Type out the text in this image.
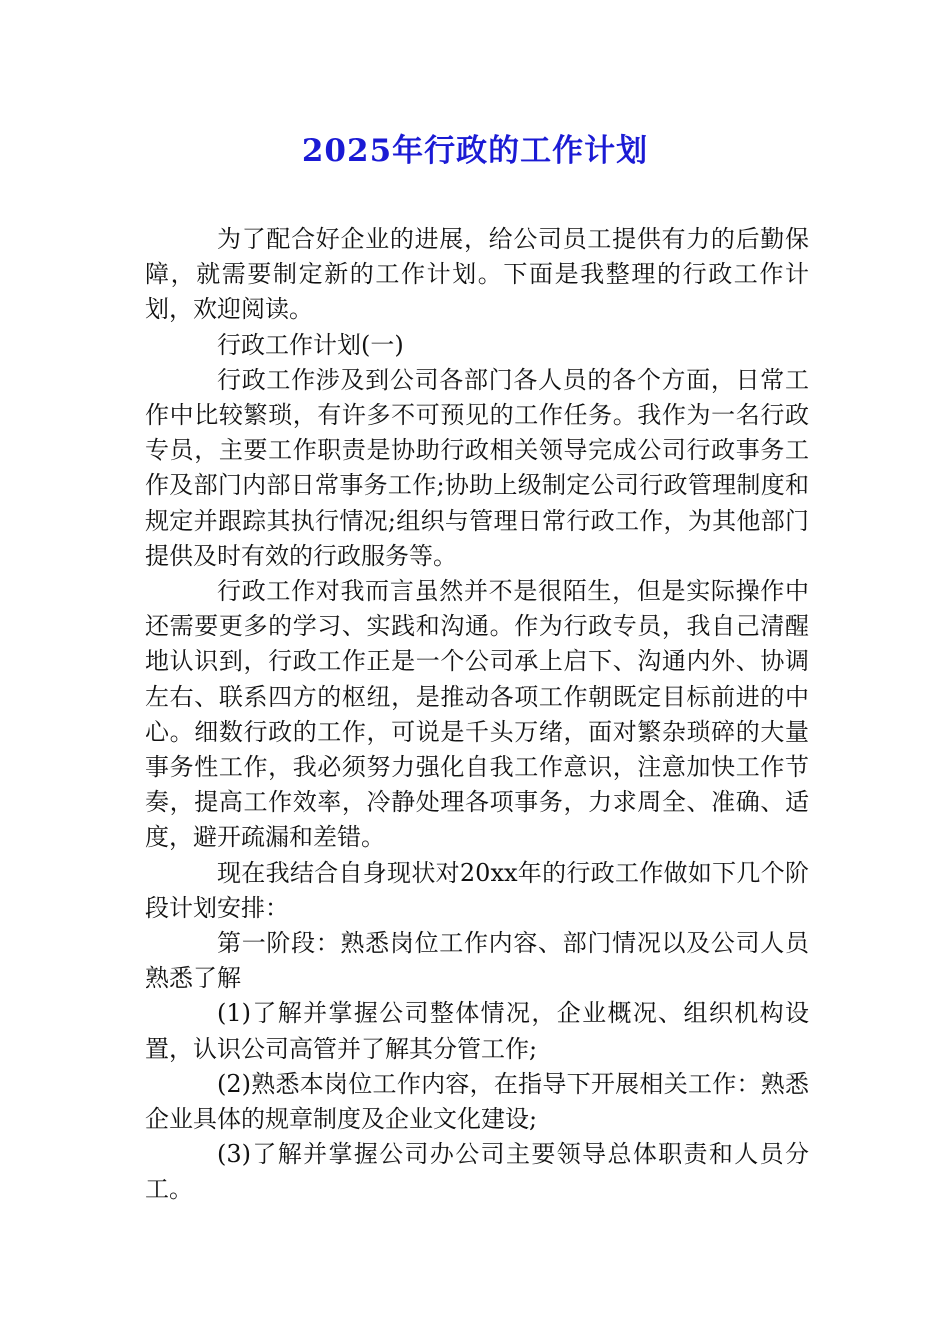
2025年行政的工作计划

为了配合好企业的进展，给公司员工提供有力的后勤保障，就需要制定新的工作计划。下面是我整理的行政工作计划，欢迎阅读。

行政工作计划(一)

行政工作涉及到公司各部门各人员的各个方面，日常工作中比较繁琐，有许多不可预见的工作任务。我作为一名行政专员，主要工作职责是协助行政相关领导完成公司行政事务工作及部门内部日常事务工作;协助上级制定公司行政管理制度和规定并跟踪其执行情况;组织与管理日常行政工作，为其他部门提供及时有效的行政服务等。

行政工作对我而言虽然并不是很陌生，但是实际操作中还需要更多的学习、实践和沟通。作为行政专员，我自己清醒地认识到，行政工作正是一个公司承上启下、沟通内外、协调左右、联系四方的枢纽，是推动各项工作朝既定目标前进的中心。细数行政的工作，可说是千头万绪，面对繁杂琐碎的大量事务性工作，我必须努力强化自我工作意识，注意加快工作节奏，提高工作效率，冷静处理各项事务，力求周全、准确、适度，避开疏漏和差错。

现在我结合自身现状对20xx年的行政工作做如下几个阶段计划安排：

第一阶段：熟悉岗位工作内容、部门情况以及公司人员熟悉了解

(1)了解并掌握公司整体情况，企业概况、组织机构设置，认识公司高管并了解其分管工作;

(2)熟悉本岗位工作内容，在指导下开展相关工作：熟悉企业具体的规章制度及企业文化建设;

(3)了解并掌握公司办公司主要领导总体职责和人员分工。
